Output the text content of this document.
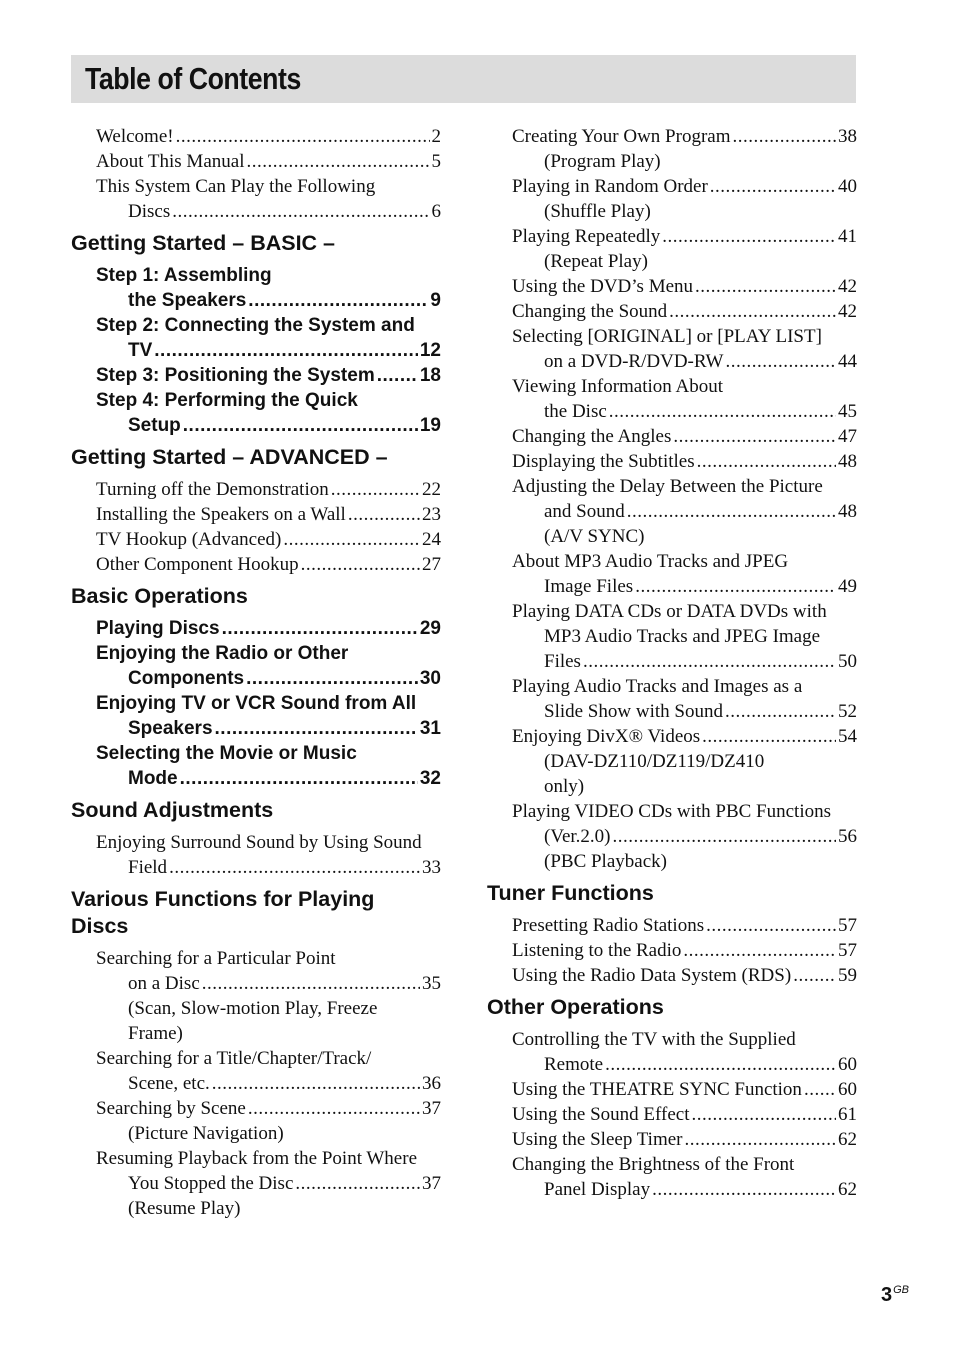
Table of Contents
Welcome! .....	2
About This Manual .....	5
This System Can Play the Following
Discs .....	6
Getting Started – BASIC –
Step 1: Assembling
the Speakers .....	9
Step 2: Connecting the System and
TV .....	12
Step 3: Positioning the System ..... 18
Step 4: Performing the Quick
Setup .....	19
Getting Started – ADVANCED –
Turning off the Demonstration .....	22
Installing the Speakers on a Wall .....	23
TV Hookup (Advanced) .....	24
Other Component Hookup .....	27
Basic Operations
Playing Discs .....	29
Enjoying the Radio or Other
Components .....	30
Enjoying TV or VCR Sound from All
Speakers .....	31
Selecting the Movie or Music
Mode .....	32
Sound Adjustments
Enjoying Surround Sound by Using Sound
Field .....	33
Various Functions for Playing
Discs
Searching for a Particular Point
on a Disc .....	35
(Scan, Slow-motion Play, Freeze
Frame)
Searching for a Title/Chapter/Track/
Scene, etc. .....	36
Searching by Scene .....	37
(Picture Navigation)
Resuming Playback from the Point Where
You Stopped the Disc .....	37
(Resume Play)
Creating Your Own Program .....	38
(Program Play)
Playing in Random Order .....	40
(Shuffle Play)
Playing Repeatedly .....	41
(Repeat Play)
Using the DVD’s Menu .....	42
Changing the Sound .....	42
Selecting [ORIGINAL] or [PLAY LIST]
on a DVD-R/DVD-RW .....	44
Viewing Information About
the Disc .....	45
Changing the Angles .....	47
Displaying the Subtitles .....	48
Adjusting the Delay Between the Picture
and Sound .....	48
(A/V SYNC)
About MP3 Audio Tracks and JPEG
Image Files .....	49
Playing DATA CDs or DATA DVDs with
MP3 Audio Tracks and JPEG Image
Files .....	50
Playing Audio Tracks and Images as a
Slide Show with Sound .....	52
Enjoying DivX® Videos .....	54
(DAV-DZ110/DZ119/DZ410
only)
Playing VIDEO CDs with PBC Functions
(Ver.2.0) .....	56
(PBC Playback)
Tuner Functions
Presetting Radio Stations .....	57
Listening to the Radio .....	57
Using the Radio Data System (RDS) ..... 59
Other Operations
Controlling the TV with the Supplied
Remote .....	60
Using the THEATRE SYNC Function ..... 60
Using the Sound Effect .....	61
Using the Sleep Timer .....	62
Changing the Brightness of the Front
Panel Display .....	62
$3^{GB}$
